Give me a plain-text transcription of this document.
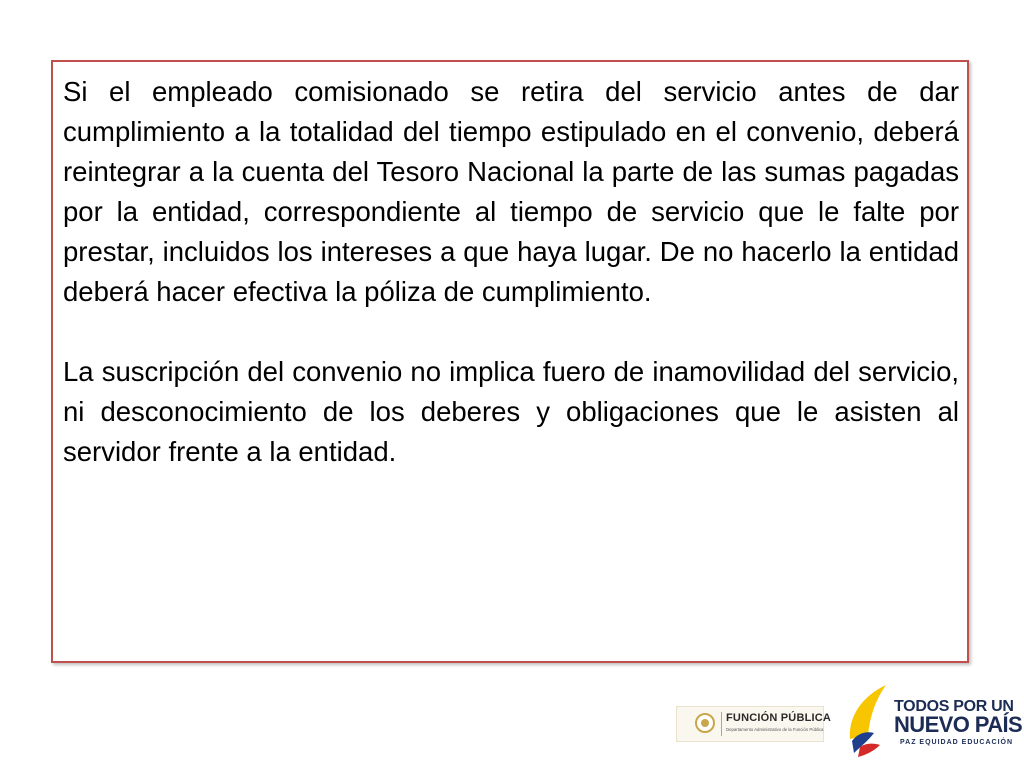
Si el empleado comisionado se retira del servicio antes de dar cumplimiento a la totalidad del tiempo estipulado en el convenio, deberá reintegrar a la cuenta del Tesoro Nacional la parte de las sumas pagadas por la entidad, correspondiente al tiempo de servicio que le falte por prestar, incluidos los intereses a que haya lugar. De no hacerlo la entidad deberá hacer efectiva la póliza de cumplimiento.

La suscripción del convenio no implica fuero de inamovilidad del servicio, ni desconocimiento de los deberes y obligaciones que le asisten al servidor frente a la entidad.

FUNCIÓN PÚBLICA
Departamento Administrativo de la Función Pública
TODOS POR UN
NUEVO PAÍS
PAZ EQUIDAD EDUCACIÓN
